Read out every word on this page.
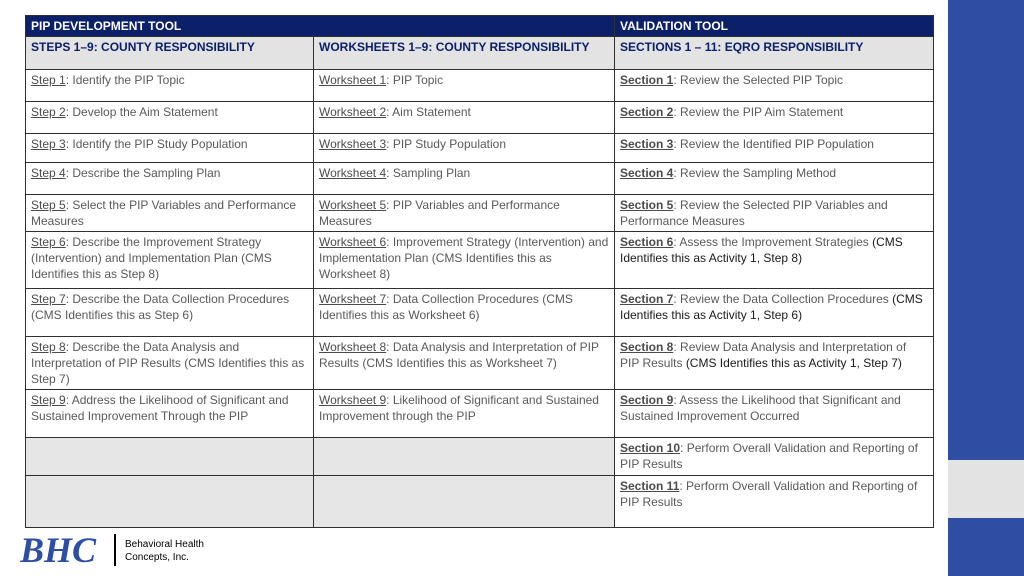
PIP DEVELOPMENT TOOL		VALIDATION TOOL
STEPS 1–9: COUNTY RESPONSIBILITY	WORKSHEETS 1–9: COUNTY RESPONSIBILITY	SECTIONS 1 – 11: EQRO RESPONSIBILITY
Step 1: Identify the PIP Topic	Worksheet 1: PIP Topic	Section 1: Review the Selected PIP Topic
Step 2: Develop the Aim Statement	Worksheet 2: Aim Statement	Section 2: Review the PIP Aim Statement
Step 3: Identify the PIP Study Population	Worksheet 3: PIP Study Population	Section 3: Review the Identified PIP Population
Step 4: Describe the Sampling Plan	Worksheet 4: Sampling Plan	Section 4: Review the Sampling Method
Step 5: Select the PIP Variables and Performance Measures	Worksheet 5: PIP Variables and Performance Measures	Section 5: Review the Selected PIP Variables and Performance Measures
Step 6: Describe the Improvement Strategy (Intervention) and Implementation Plan (CMS Identifies this as Step 8)	Worksheet 6: Improvement Strategy (Intervention) and Implementation Plan (CMS Identifies this as Worksheet 8)	Section 6: Assess the Improvement Strategies (CMS Identifies this as Activity 1, Step 8)
Step 7: Describe the Data Collection Procedures (CMS Identifies this as Step 6)	Worksheet 7: Data Collection Procedures (CMS Identifies this as Worksheet 6)	Section 7: Review the Data Collection Procedures (CMS Identifies this as Activity 1, Step 6)
Step 8: Describe the Data Analysis and Interpretation of PIP Results (CMS Identifies this as Step 7)	Worksheet 8: Data Analysis and Interpretation of PIP Results (CMS Identifies this as Worksheet 7)	Section 8: Review Data Analysis and Interpretation of PIP Results (CMS Identifies this as Activity 1, Step 7)
Step 9: Address the Likelihood of Significant and Sustained Improvement Through the PIP	Worksheet 9: Likelihood of Significant and Sustained Improvement through the PIP	Section 9: Assess the Likelihood that Significant and Sustained Improvement Occurred
		Section 10: Perform Overall Validation and Reporting of PIP Results
		Section 11: Perform Overall Validation and Reporting of PIP Results
BHC	Behavioral Health
Concepts, Inc.
